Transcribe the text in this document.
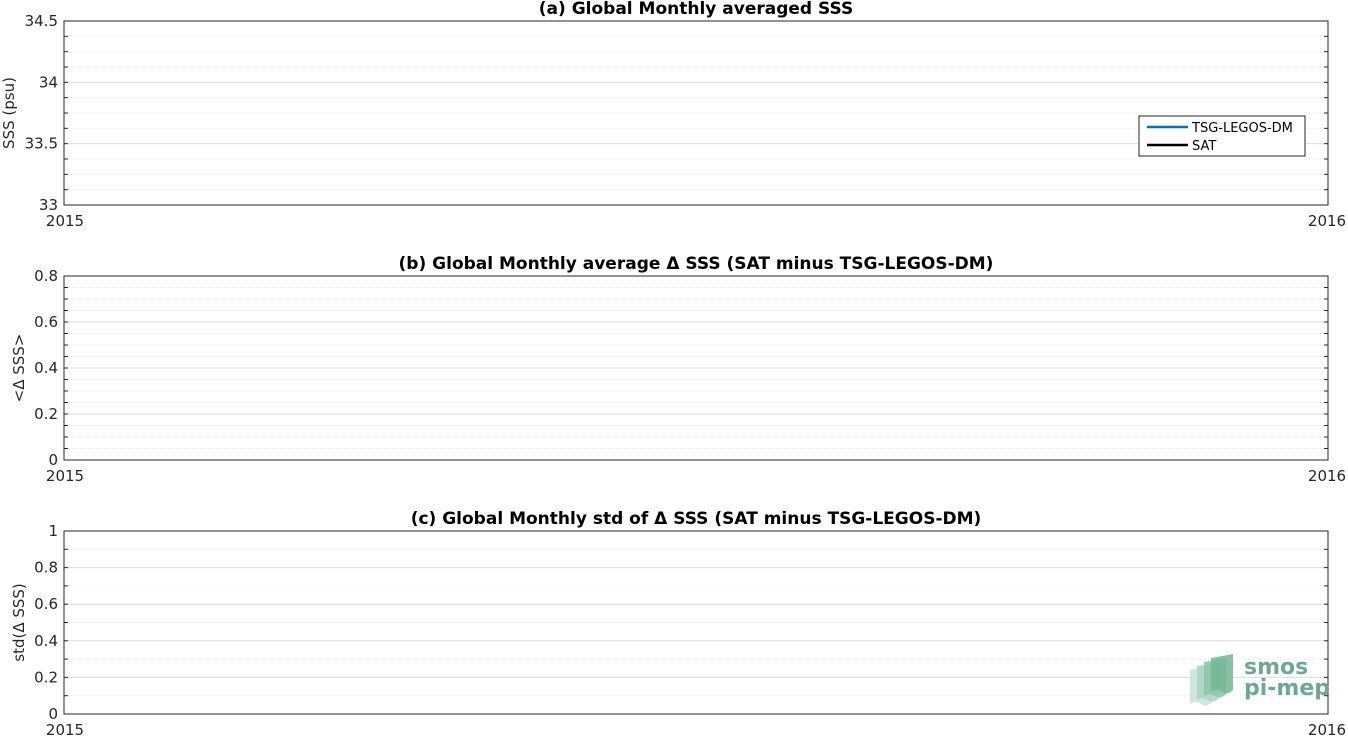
33
33.5
34
34.5
2015	2016
(a) Global Monthly averaged SSS
SSS (psu)
0
0.2
0.4
0.6
0.8
2015	2016
(b) Global Monthly average Δ SSS (SAT minus TSG-LEGOS-DM)
<Δ SSS>
0
0.2
0.4
0.6
0.8
1
2015	2016
(c) Global Monthly std of Δ SSS (SAT minus TSG-LEGOS-DM)
std(Δ SSS)
TSG-LEGOS-DM
SAT
smos
pi-mep
